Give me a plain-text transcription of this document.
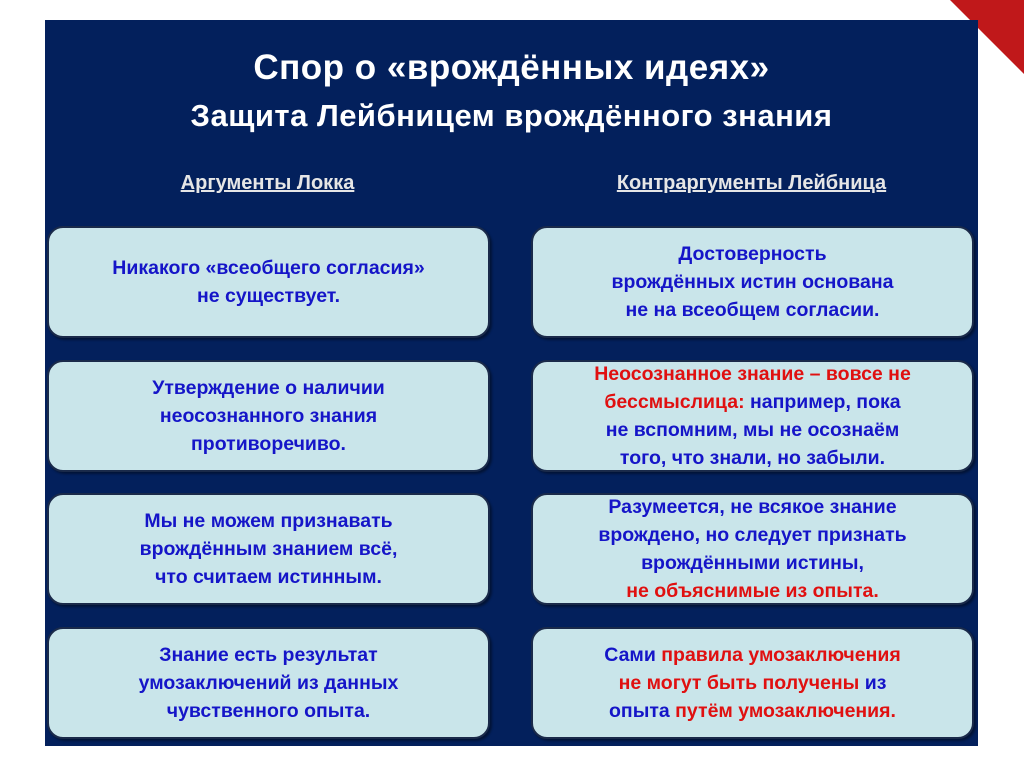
Спор о «врождённых идеях»
Защита Лейбницем врождённого знания
Аргументы Локка	Контраргументы Лейбница
Никакого «всеобщего согласия»
не существует.
Утверждение о наличии
неосознанного знания
противоречиво.
Мы не можем признавать
врождённым знанием всё,
что считаем истинным.
Знание есть результат
умозаключений из данных
чувственного опыта.
Достоверность
врождённых истин основана
не на всеобщем согласии.
Неосознанное знание – вовсе не
бессмыслица: например, пока
не вспомним, мы не осознаём
того, что знали, но забыли.
Разумеется, не всякое знание
врождено, но следует признать
врождёнными истины,
не объяснимые из опыта.
Сами правила умозаключения
не могут быть получены из
опыта путём умозаключения.
